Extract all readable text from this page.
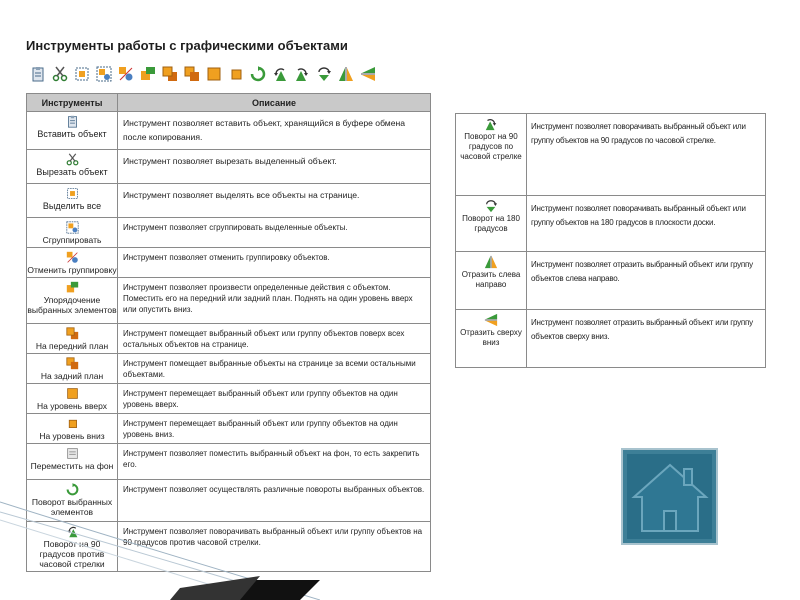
Инструменты работы с графическими объектами
Инструменты	Описание

Вставить объект	Инструмент позволяет вставить объект, хранящийся в буфере обмена после копирования.

Вырезать объект	Инструмент позволяет вырезать выделенный объект.

Выделить все	Инструмент позволяет выделять все объекты на странице.

Сгруппировать	Инструмент позволяет сгруппировать выделенные объекты.

Отменить группировку	Инструмент позволяет отменить группировку объектов.

Упорядочение выбранных элементов	Инструмент позволяет произвести определенные действия с объектом. Поместить его на передний или задний план. Поднять на один уровень вверх или опустить вниз.

На передний план	Инструмент помещает выбранный объект или группу объектов поверх всех остальных объектов на странице.

На задний план	Инструмент помещает выбранные объекты на странице за всеми остальными объектами.

На уровень вверх	Инструмент перемещает выбранный объект или группу объектов на один уровень вверх.

На уровень вниз	Инструмент перемещает выбранный объект или группу объектов на один уровень вниз.

Переместить на фон	Инструмент позволяет поместить выбранный объект на фон, то есть закрепить его.

Поворот выбранных элементов	Инструмент позволяет осуществлять различные повороты выбранных объектов.

Поворот на 90 градусов против часовой стрелки	Инструмент позволяет поворачивать выбранный объект или группу объектов на 90 градусов против часовой стрелки.
Поворот на 90 градусов по часовой стрелке	Инструмент позволяет поворачивать выбранный объект или группу объектов на 90 градусов по часовой стрелке.

Поворот на 180 градусов	Инструмент позволяет поворачивать выбранный объект или группу объектов на 180 градусов в плоскости доски.

Отразить слева направо	Инструмент позволяет отразить выбранный объект или группу объектов слева направо.

Отразить сверху вниз	Инструмент позволяет отразить выбранный объект или группу объектов сверху вниз.
